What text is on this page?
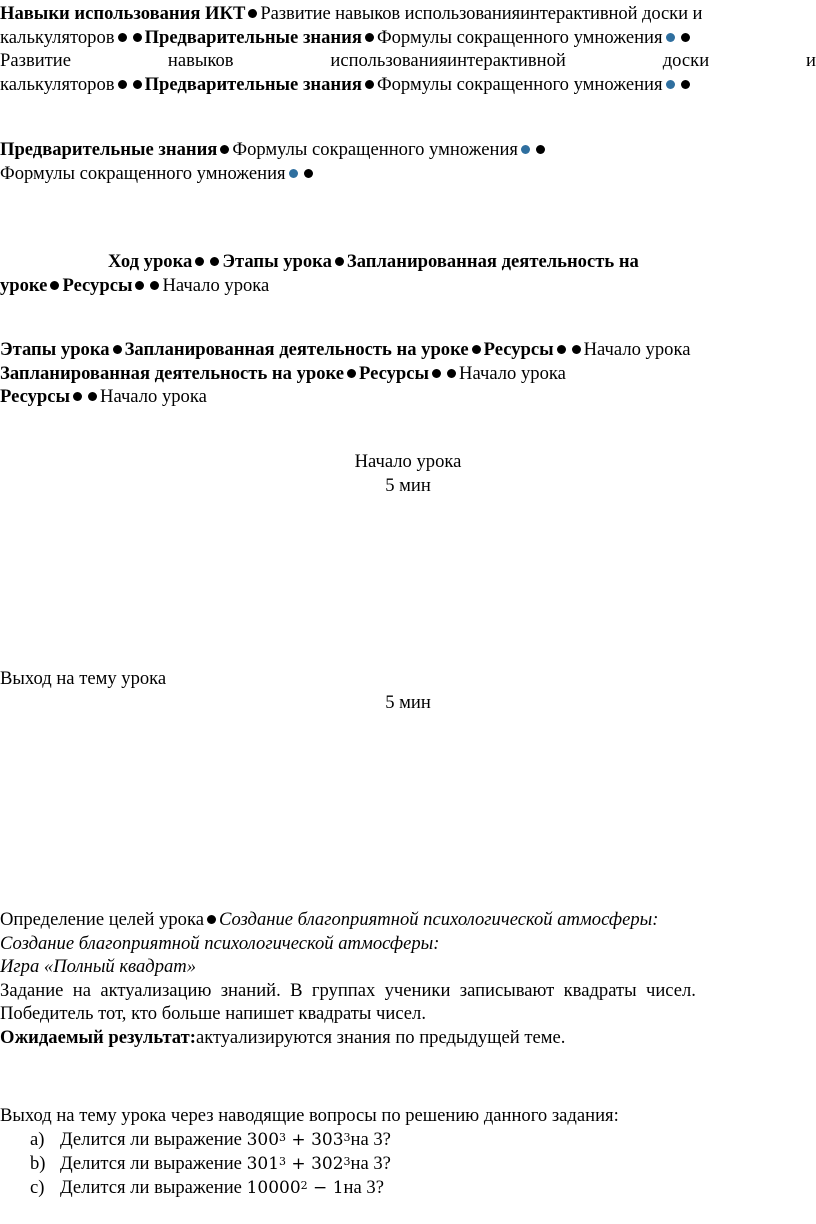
Навыки использования ИКТ Развитие навыков использованияинтерактивной доски и
калькуляторов Предварительные знания Формулы сокращенного умножения
Развитие	навыков	использованияинтерактивной	доски	и
калькуляторов Предварительные знания Формулы сокращенного умножения
Предварительные знания Формулы сокращенного умножения
Формулы сокращенного умножения
Ход урока Этапы урока Запланированная деятельность на
уроке Ресурсы Начало урока
Этапы урока Запланированная деятельность на уроке Ресурсы Начало урока
Запланированная деятельность на уроке Ресурсы Начало урока
Ресурсы Начало урока
Начало урока
5 мин
Выход на тему урока
5 мин
Определение целей урока Создание благоприятной психологической атмосферы:
Создание благоприятной психологической атмосферы:
Игра «Полный квадрат»
Задание на актуализацию знаний. В группах ученики записывают квадраты чисел.
Победитель тот, кто больше напишет квадраты чисел.
Ожидаемый результат:актуализируются знания по предыдущей теме.
Выход на тему урока через наводящие вопросы по решению данного задания:
a) Делится ли выражение $300^3 + 303^3на$ 3?
b) Делится ли выражение $301^3 + 302^3на$ 3?
c) Делится ли выражение $10000^2 - 1на$ 3?
